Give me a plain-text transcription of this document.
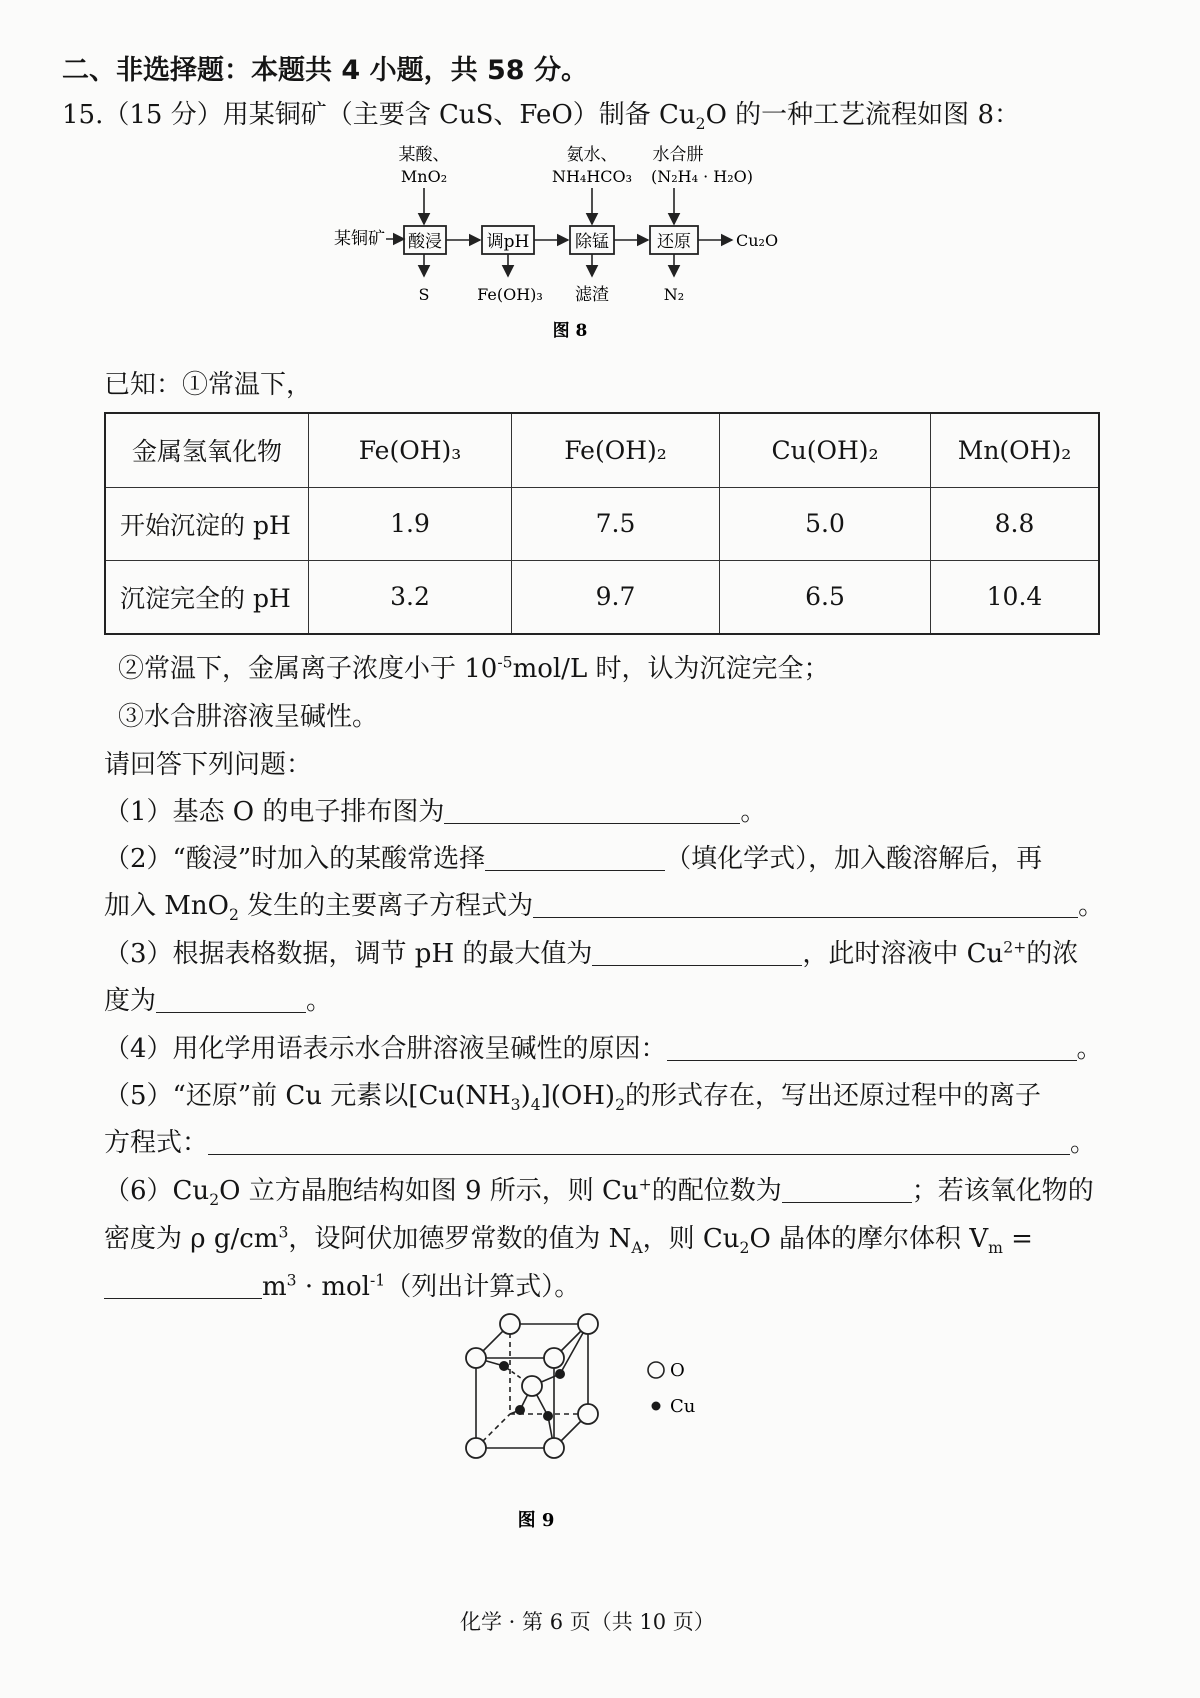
二、非选择题：本题共 4 小题，共 58 分。
15.（15 分）用某铜矿（主要含 CuS、FeO）制备 $Cu_2O$ 的一种工艺流程如图 8：
某酸、
MnO₂
氨水、
NH₄HCO₃
水合肼
(N₂H₄ · H₂O)
某铜矿 酸浸	调pH	除锰	还原	Cu₂O
S	Fe(OH)₃ 滤渣	N₂
图 8
已知：①常温下，
金属氢氧化物	Fe(OH)₃	Fe(OH)₂	Cu(OH)₂	Mn(OH)₂
开始沉淀的 pH	1.9	7.5	5.0	8.8
沉淀完全的 pH	3.2	9.7	6.5	10.4
②常温下，金属离子浓度小于 $10^{-5}mol/L$ 时，认为沉淀完全；
③水合肼溶液呈碱性。
请回答下列问题：
（1）基态 O 的电子排布图为	。
（2）“酸浸”时加入的某酸常选择	（填化学式），加入酸溶解后，再
加入 MnO$_2$ 发生的主要离子方程式为	。
（3）根据表格数据，调节 pH 的最大值为	，此时溶液中 $Cu^{2+}$的浓
度为	。
（4）用化学用语表示水合肼溶液呈碱性的原因：	。
（5）“还原”前 Cu 元素以$[Cu(NH_3)_4](OH)_2$的形式存在，写出还原过程中的离子
方程式：	。
$(6)Cu_2O$ 立方晶胞结构如图 9 所示，则 Cu+的配位数为	；若该氧化物的
密度为 ρ $g/cm^3$，设阿伏加德罗常数的值为 $N_A$，则 $Cu_2O$ 晶体的摩尔体积 $V_m$ =
$m^3 \cdot mol^{-1}$（列出计算式）。
O
Cu
图 9
化学 · 第 6 页（共 10 页）
